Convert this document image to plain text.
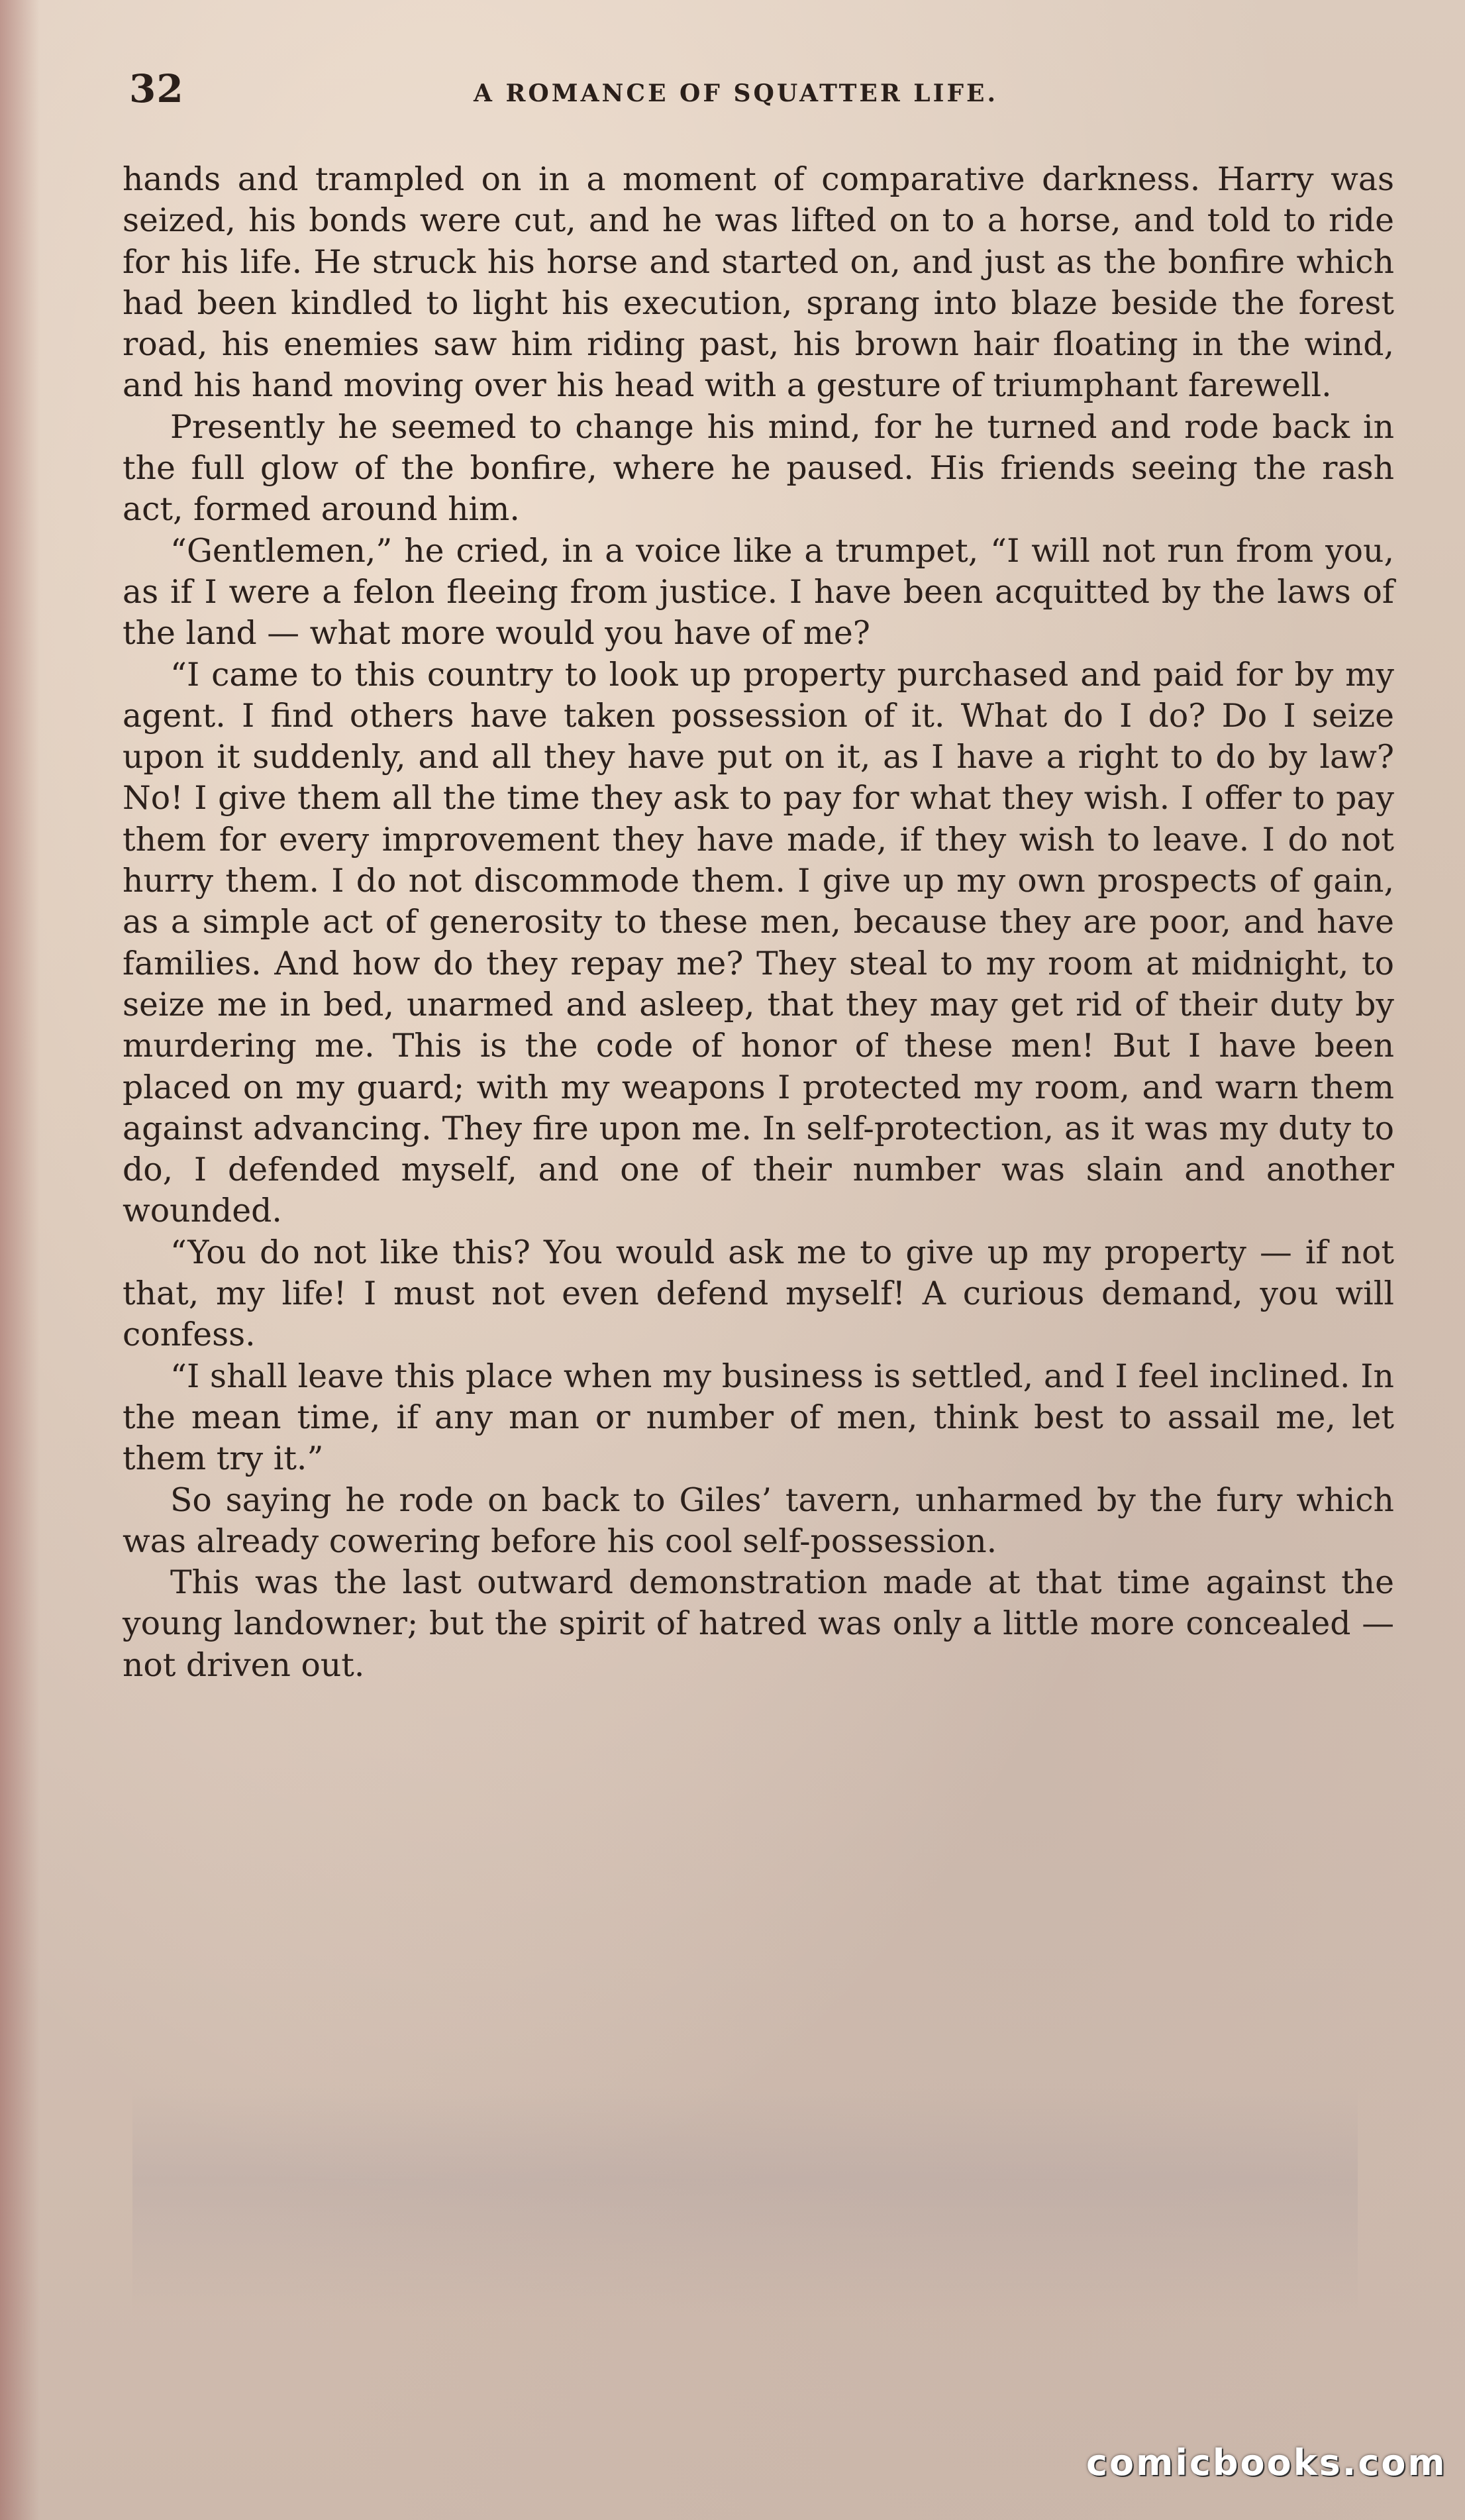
32	A ROMANCE OF SQUATTER LIFE.

hands and trampled on in a moment of comparative darkness. Harry was seized, his bonds were cut, and he was lifted on to a horse, and told to ride for his life. He struck his horse and started on, and just as the bonfire which had been kindled to light his execution, sprang into blaze beside the forest road, his enemies saw him riding past, his brown hair floating in the wind, and his hand moving over his head with a gesture of triumphant farewell.

Presently he seemed to change his mind, for he turned and rode back in the full glow of the bonfire, where he paused. His friends seeing the rash act, formed around him.

“Gentlemen,” he cried, in a voice like a trumpet, “I will not run from you, as if I were a felon fleeing from justice. I have been acquitted by the laws of the land — what more would you have of me?

“I came to this country to look up property purchased and paid for by my agent. I find others have taken possession of it. What do I do? Do I seize upon it suddenly, and all they have put on it, as I have a right to do by law? No! I give them all the time they ask to pay for what they wish. I offer to pay them for every improvement they have made, if they wish to leave. I do not hurry them. I do not discommode them. I give up my own prospects of gain, as a simple act of generosity to these men, because they are poor, and have families. And how do they repay me? They steal to my room at midnight, to seize me in bed, unarmed and asleep, that they may get rid of their duty by murdering me. This is the code of honor of these men! But I have been placed on my guard; with my weapons I protected my room, and warn them against advancing. They fire upon me. In self-protection, as it was my duty to do, I defended myself, and one of their number was slain and another wounded.

“You do not like this? You would ask me to give up my property — if not that, my life! I must not even defend myself! A curious demand, you will confess.

“I shall leave this place when my business is settled, and I feel inclined. In the mean time, if any man or number of men, think best to assail me, let them try it.”

So saying he rode on back to Giles’ tavern, unharmed by the fury which was already cowering before his cool self-possession.

This was the last outward demonstration made at that time against the young landowner; but the spirit of hatred was only a little more concealed — not driven out.

comicbooks.com
